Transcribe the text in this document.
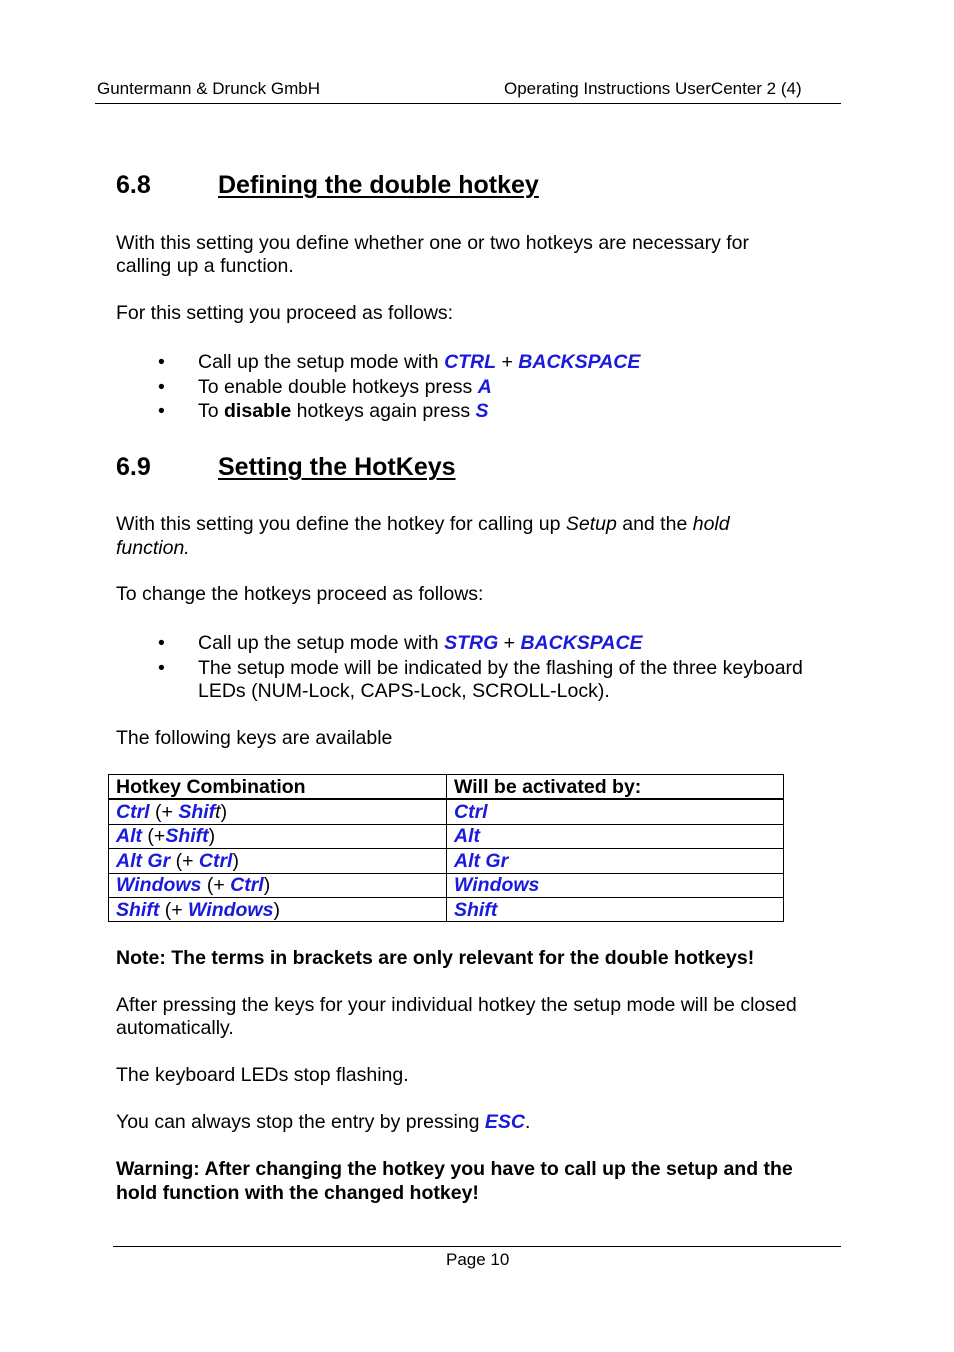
Guntermann & Drunck GmbH	Operating Instructions UserCenter 2 (4)
6.8	Defining the double hotkey
With this setting you define whether one or two hotkeys are necessary for
calling up a function.
For this setting you proceed as follows:
• Call up the setup mode with CTRL + BACKSPACE
• To enable double hotkeys press A
• To disable hotkeys again press S
6.9	Setting the HotKeys
With this setting you define the hotkey for calling up Setup and the hold
function.
To change the hotkeys proceed as follows:
• Call up the setup mode with STRG + BACKSPACE
• The setup mode will be indicated by the flashing of the three keyboard
LEDs (NUM-Lock, CAPS-Lock, SCROLL-Lock).
The following keys are available
Hotkey Combination	Will be activated by:
Ctrl (+ Shift)	Ctrl
Alt (+Shift)	Alt
Alt Gr (+ Ctrl)	Alt Gr
Windows (+ Ctrl)	Windows
Shift (+ Windows)	Shift
Note: The terms in brackets are only relevant for the double hotkeys!
After pressing the keys for your individual hotkey the setup mode will be closed
automatically.
The keyboard LEDs stop flashing.
You can always stop the entry by pressing ESC.
Warning: After changing the hotkey you have to call up the setup and the
hold function with the changed hotkey!
Page 10
